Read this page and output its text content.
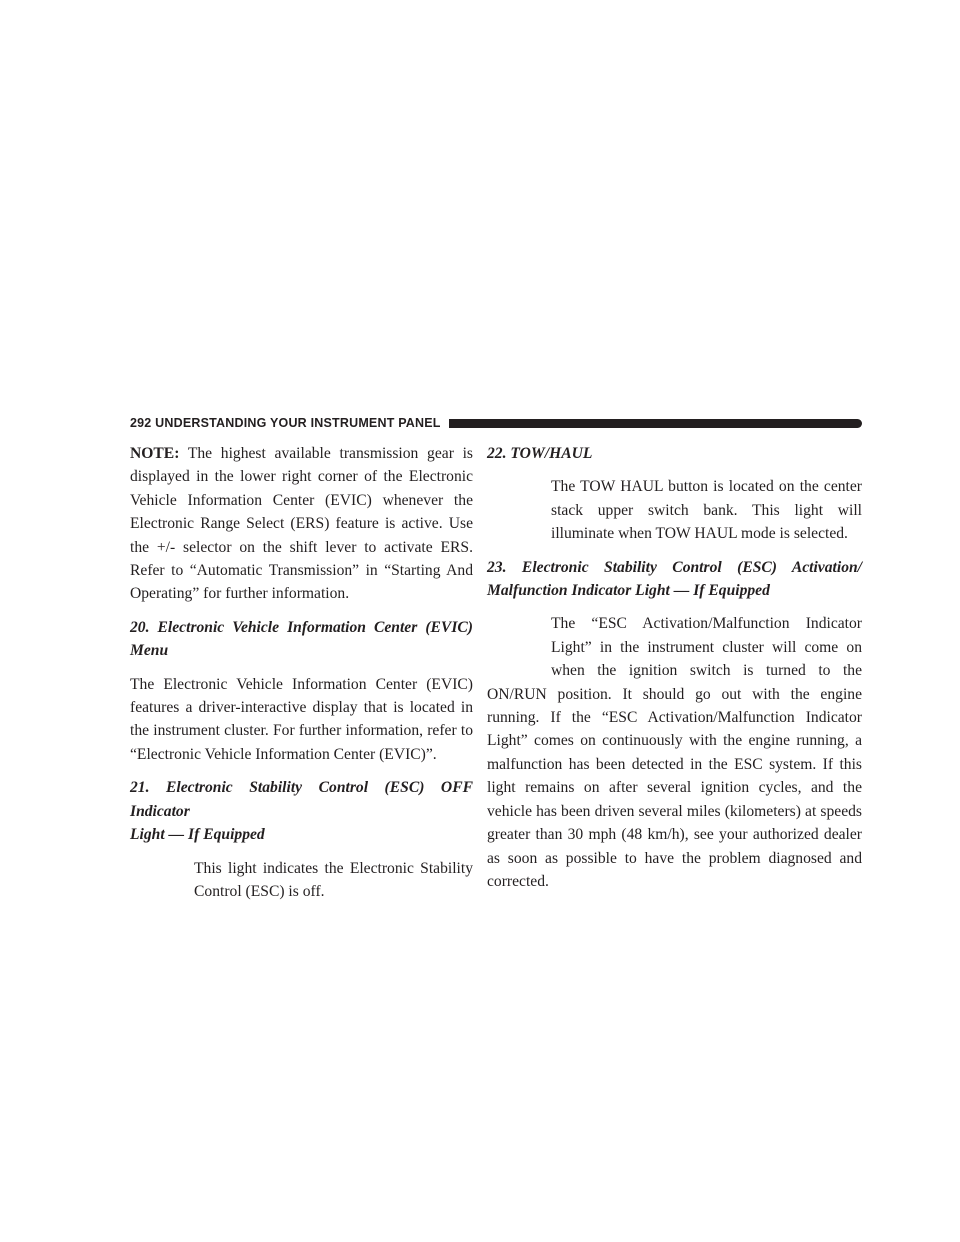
292 UNDERSTANDING YOUR INSTRUMENT PANEL

NOTE: The highest available transmission gear is displayed in the lower right corner of the Electronic Vehicle Information Center (EVIC) whenever the Electronic Range Select (ERS) feature is active. Use the +/- selector on the shift lever to activate ERS. Refer to “Automatic Transmission” in “Starting And Operating” for further information.

20. Electronic Vehicle Information Center (EVIC) Menu

The Electronic Vehicle Information Center (EVIC) features a driver-interactive display that is located in the instrument cluster. For further information, refer to “Electronic Vehicle Information Center (EVIC)”.

21. Electronic Stability Control (ESC) OFF Indicator
Light — If Equipped

This light indicates the Electronic Stability Control (ESC) is off.

22. TOW/HAUL

The TOW HAUL button is located on the center stack upper switch bank. This light will illuminate when TOW HAUL mode is selected.

23. Electronic Stability Control (ESC) Activation/
Malfunction Indicator Light — If Equipped

The “ESC Activation/Malfunction Indicator Light” in the instrument cluster will come on when the ignition switch is turned to the ON/RUN position. It should go out with the engine running. If the “ESC Activation/Malfunction Indicator Light” comes on continuously with the engine running, a malfunction has been detected in the ESC system. If this light remains on after several ignition cycles, and the vehicle has been driven several miles (kilometers) at speeds greater than 30 mph (48 km/h), see your authorized dealer as soon as possible to have the problem diagnosed and corrected.
